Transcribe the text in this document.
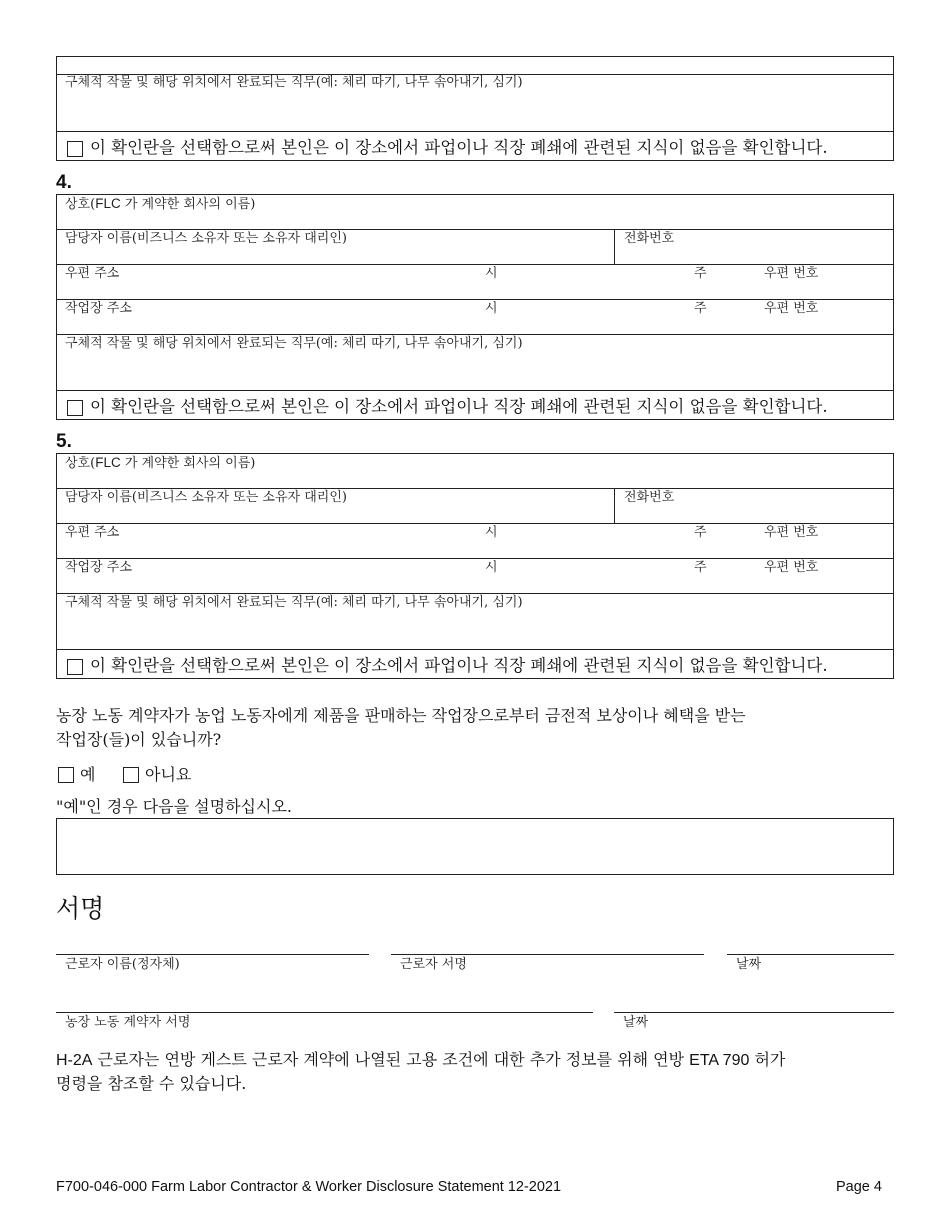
구체적 작물 및 해당 위치에서 완료되는 직무(예: 체리 따기, 나무 솎아내기, 심기)
이 확인란을 선택함으로써 본인은 이 장소에서 파업이나 직장 폐쇄에 관련된 지식이 없음을 확인합니다.
4.
상호(FLC 가 계약한 회사의 이름)
담당자 이름(비즈니스 소유자 또는 소유자 대리인)	전화번호
우편 주소	시	주	우편 번호
작업장 주소	시	주	우편 번호
구체적 작물 및 해당 위치에서 완료되는 직무(예: 체리 따기, 나무 솎아내기, 심기)
이 확인란을 선택함으로써 본인은 이 장소에서 파업이나 직장 폐쇄에 관련된 지식이 없음을 확인합니다.
5.
상호(FLC 가 계약한 회사의 이름)
담당자 이름(비즈니스 소유자 또는 소유자 대리인)	전화번호
우편 주소	시	주	우편 번호
작업장 주소	시	주	우편 번호
구체적 작물 및 해당 위치에서 완료되는 직무(예: 체리 따기, 나무 솎아내기, 심기)
이 확인란을 선택함으로써 본인은 이 장소에서 파업이나 직장 폐쇄에 관련된 지식이 없음을 확인합니다.
농장 노동 계약자가 농업 노동자에게 제품을 판매하는 작업장으로부터 금전적 보상이나 혜택을 받는
작업장(들)이 있습니까?
예	아니요
"예"인 경우 다음을 설명하십시오.
서명
근로자 이름(정자체)	근로자 서명	날짜
농장 노동 계약자 서명	날짜
H-2A 근로자는 연방 게스트 근로자 계약에 나열된 고용 조건에 대한 추가 정보를 위해 연방 ETA 790 허가
명령을 참조할 수 있습니다.
F700-046-000 Farm Labor Contractor & Worker Disclosure Statement 12-2021	Page 4
